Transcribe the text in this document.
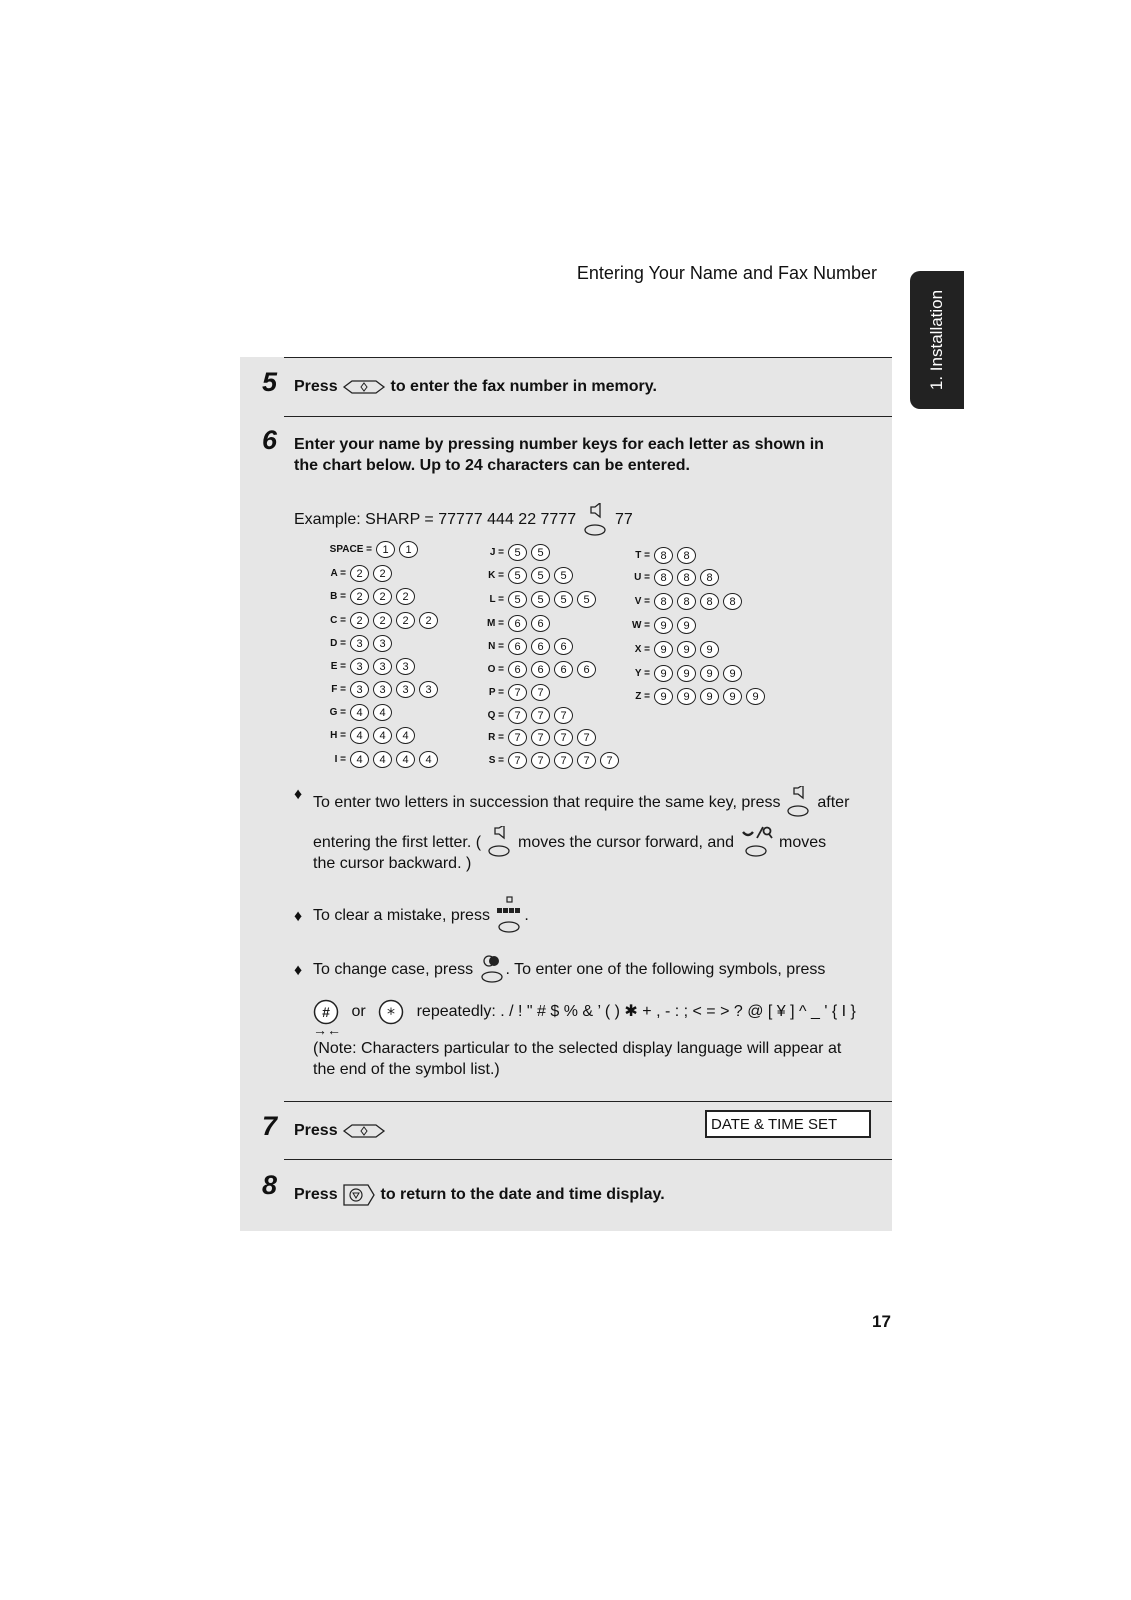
Entering Your Name and Fax Number
1. Installation
5 Press	to enter the fax number in memory.
6 Enter your name by pressing number keys for each letter as shown in
the chart below. Up to 24 characters can be entered.
Example: SHARP = 77777 444 22 7777 77
SPACE = 1	1
A = 2	2
B = 2	2	2
C = 2	2	2	2
D = 3	3
E = 3	3	3
F = 3	3	3	3
G = 4	4
H = 4	4	4
I = 4	4	4	4
J = 5	5
K = 5	5	5
L = 5	5	5	5
M = 6	6
N = 6	6	6
O = 6	6	6	6
P = 7	7
Q = 7	7	7
R = 7	7	7	7
S = 7	7	7	7	7
T = 8	8
U = 8	8	8
V = 8	8	8	8
W = 9	9
X = 9	9	9
Y = 9	9	9	9
Z = 9	9	9	9	9
♦ To enter two letters in succession that require the same key, press after
entering the first letter. ( moves the cursor forward, and	moves
the cursor backward. )
♦ To clear a mistake, press .
♦ To change case, press . To enter one of the following symbols, press
# or * repeatedly: . / ! " # $ % & ’ ( ) ✱ + , - : ; < = > ? @ [ ¥ ] ^ _ ' { I }
→←
(Note: Characters particular to the selected display language will appear at
the end of the symbol list.)
7 Press	DATE & TIME SET
8 Press	to return to the date and time display.
17
